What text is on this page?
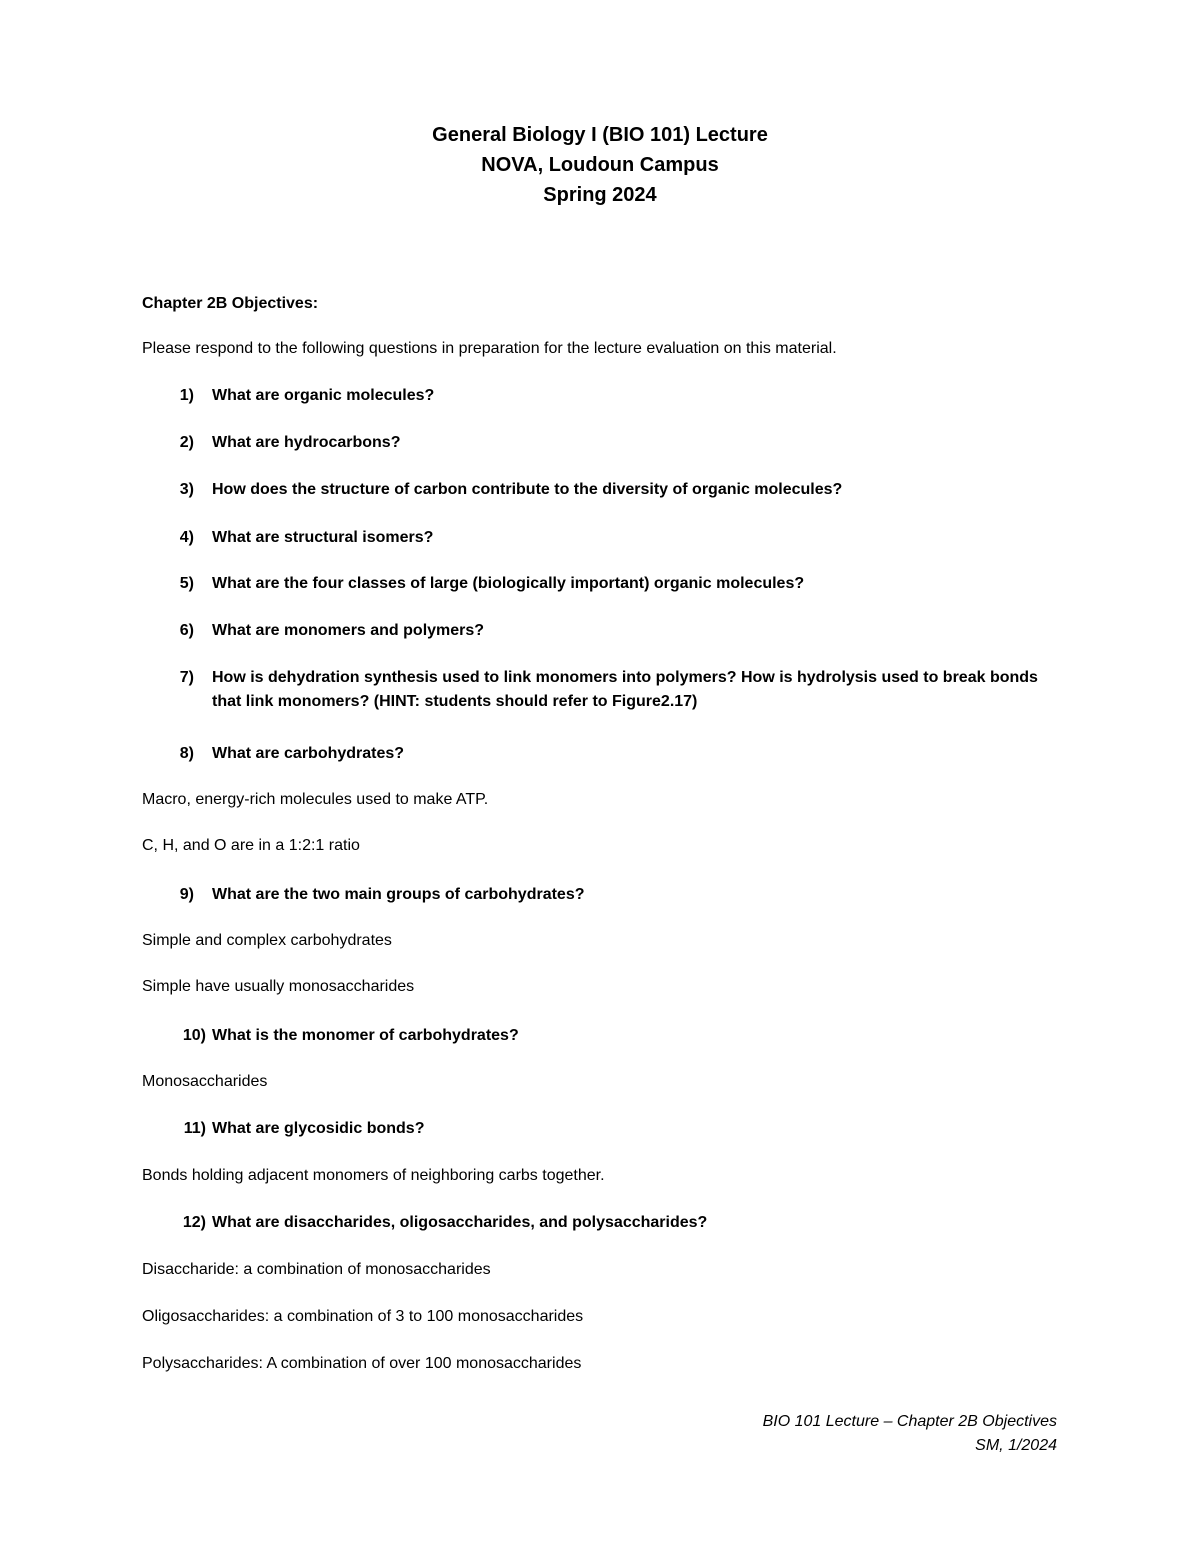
General Biology I (BIO 101) Lecture
NOVA, Loudoun Campus
Spring 2024
Chapter 2B Objectives:
Please respond to the following questions in preparation for the lecture evaluation on this material.
1) What are organic molecules?
2) What are hydrocarbons?
3) How does the structure of carbon contribute to the diversity of organic molecules?
4) What are structural isomers?
5) What are the four classes of large (biologically important) organic molecules?
6) What are monomers and polymers?
7) How is dehydration synthesis used to link monomers into polymers? How is hydrolysis used to break bonds that link monomers? (HINT: students should refer to Figure2.17)
8) What are carbohydrates?
Macro, energy-rich molecules used to make ATP.
C, H, and O are in a 1:2:1 ratio
9) What are the two main groups of carbohydrates?
Simple and complex carbohydrates
Simple have usually monosaccharides
10) What is the monomer of carbohydrates?
Monosaccharides
11) What are glycosidic bonds?
Bonds holding adjacent monomers of neighboring carbs together.
12) What are disaccharides, oligosaccharides, and polysaccharides?
Disaccharide: a combination of monosaccharides
Oligosaccharides: a combination of 3 to 100 monosaccharides
Polysaccharides: A combination of over 100 monosaccharides
BIO 101 Lecture – Chapter 2B Objectives
SM, 1/2024
